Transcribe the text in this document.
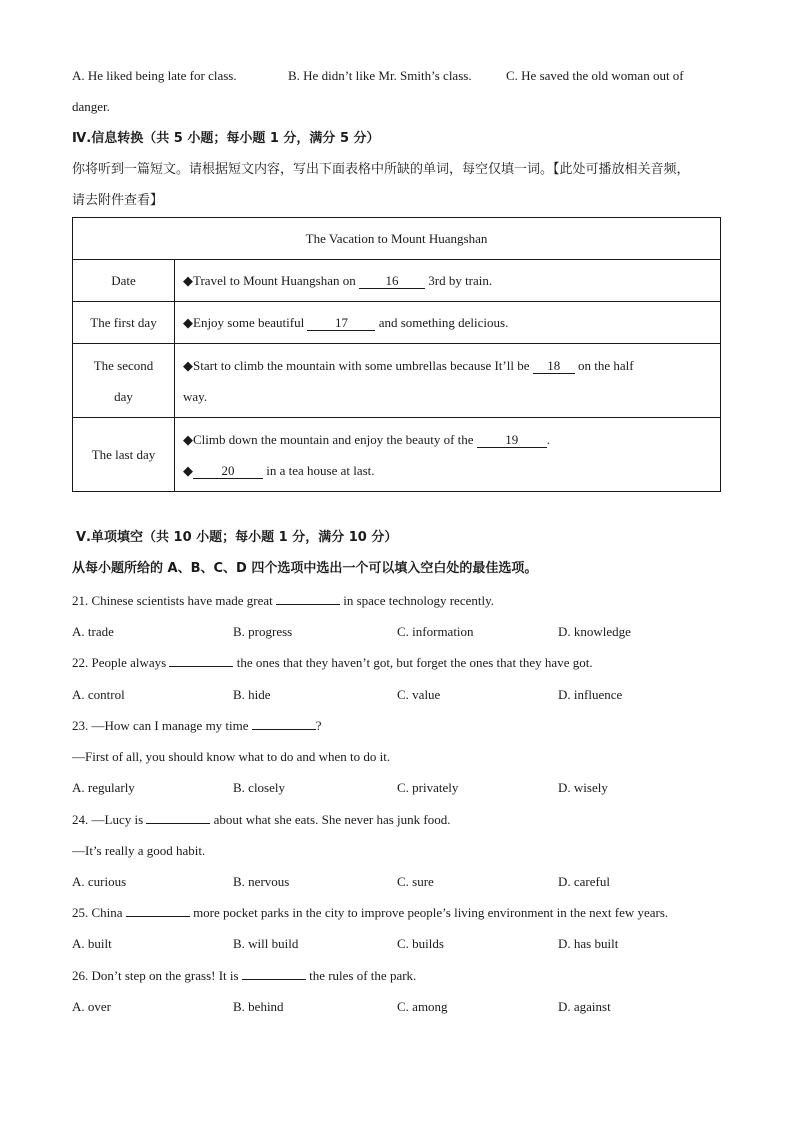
A. He liked being late for class.	B. He didn’t like Mr. Smith’s class.	C. He saved the old woman out of
danger.
Ⅳ.信息转换（共 5 小题；每小题 1 分，满分 5 分）
你将听到一篇短文。请根据短文内容，写出下面表格中所缺的单词，每空仅填一词。【此处可播放相关音频，
请去附件查看】
The Vacation to Mount Huangshan	
Date	◆Travel to Mount Huangshan on 16 3rd by train.
The first day	◆Enjoy some beautiful 17 and something delicious.
The second
day	◆Start to climb the mountain with some umbrellas because It’ll be 18 on the half
way.
The last day	◆Climb down the mountain and enjoy the beauty of the 19 .
◆ 20 in a tea house at last.
Ⅴ.单项填空（共 10 小题；每小题 1 分，满分 10 分）
从每小题所给的 A、B、C、D 四个选项中选出一个可以填入空白处的最佳选项。
21. Chinese scientists have made great	in space technology recently.
A. trade	B. progress	C. information	D. knowledge
22. People always	the ones that they haven’t got, but forget the ones that they have got.
A. control	B. hide	C. value	D. influence
23. —How can I manage my time	?
—First of all, you should know what to do and when to do it.
A. regularly	B. closely	C. privately	D. wisely
24. —Lucy is	about what she eats. She never has junk food.
—It’s really a good habit.
A. curious	B. nervous	C. sure	D. careful
25. China	more pocket parks in the city to improve people’s living environment in the next few years.
A. built	B. will build	C. builds	D. has built
26. Don’t step on the grass! It is	the rules of the park.
A. over	B. behind	C. among	D. against
